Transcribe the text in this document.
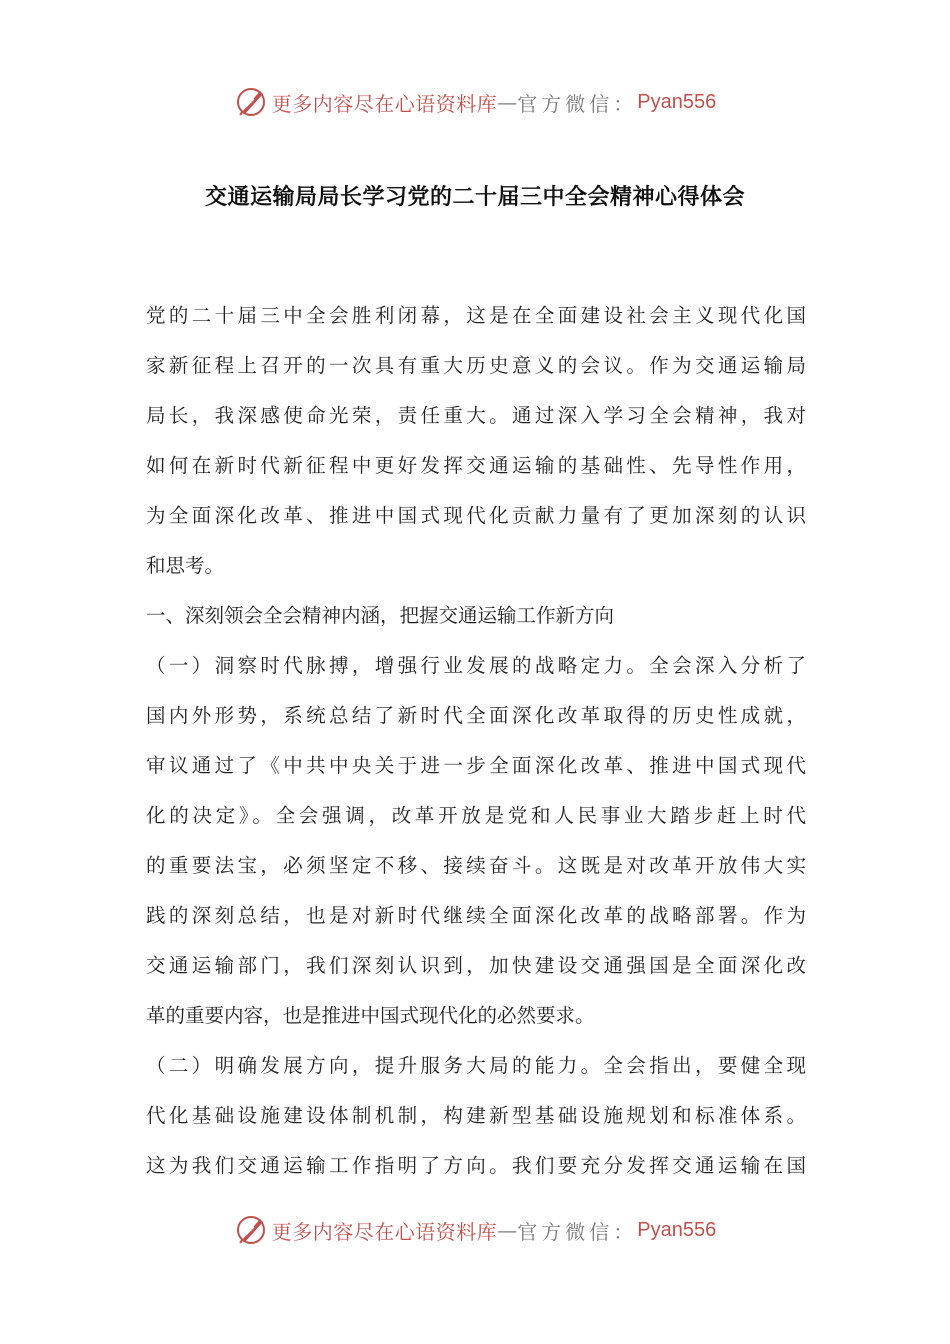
更多内容尽在心语资料库 — 官方微信： Pyan556
交通运输局局长学习党的二十届三中全会精神心得体会
党的二十届三中全会胜利闭幕，这是在全面建设社会主义现代化国
家新征程上召开的一次具有重大历史意义的会议。作为交通运输局
局长，我深感使命光荣，责任重大。通过深入学习全会精神，我对
如何在新时代新征程中更好发挥交通运输的基础性、先导性作用，
为全面深化改革、推进中国式现代化贡献力量有了更加深刻的认识
和思考。
一、深刻领会全会精神内涵，把握交通运输工作新方向
（一）洞察时代脉搏，增强行业发展的战略定力。全会深入分析了
国内外形势，系统总结了新时代全面深化改革取得的历史性成就，
审议通过了《中共中央关于进一步全面深化改革、推进中国式现代
化的决定》。全会强调，改革开放是党和人民事业大踏步赶上时代
的重要法宝，必须坚定不移、接续奋斗。这既是对改革开放伟大实
践的深刻总结，也是对新时代继续全面深化改革的战略部署。作为
交通运输部门，我们深刻认识到，加快建设交通强国是全面深化改
革的重要内容，也是推进中国式现代化的必然要求。
（二）明确发展方向，提升服务大局的能力。全会指出，要健全现
代化基础设施建设体制机制，构建新型基础设施规划和标准体系。
这为我们交通运输工作指明了方向。我们要充分发挥交通运输在国
更多内容尽在心语资料库 — 官方微信： Pyan556
